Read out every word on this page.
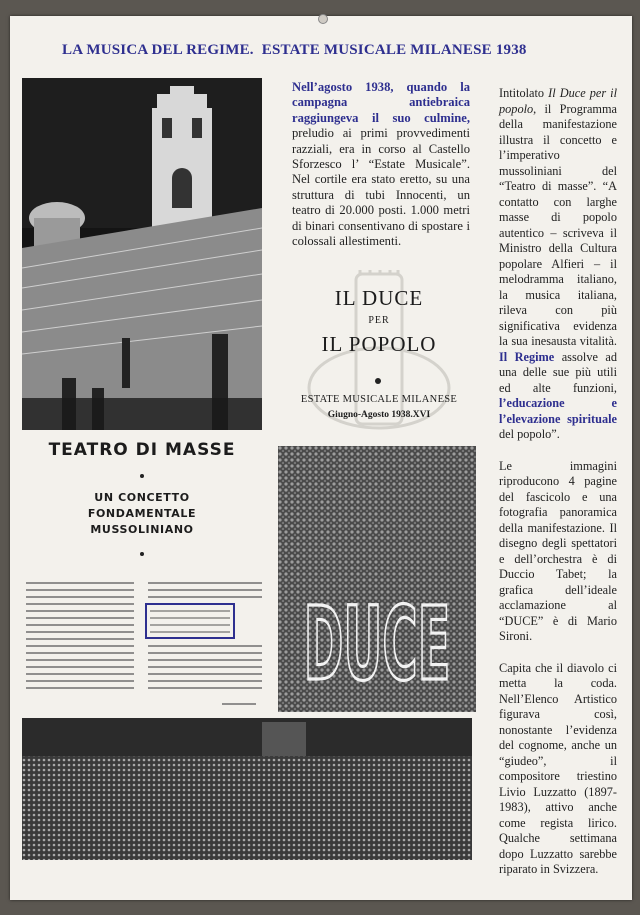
LA MUSICA DEL REGIME. ESTATE MUSICALE MILANESE 1938
Nell’agosto 1938, quando la campagna antiebraica raggiungeva il suo culmine, preludio ai primi provvedimenti razziali, era in corso al Castello Sforzesco l’ “Estate Musicale”. Nel cortile era stato eretto, su una struttura di tubi Innocenti, un teatro di 20.000 posti. 1.000 metri di binari consentivano di spostare i colossali allestimenti.
IL DUCE
PER
IL POPOLO
ESTATE MUSICALE MILANESE
Giugno-Agosto 1938.XVI
TEATRO DI MASSE
UN CONCETTO
FONDAMENTALE
MUSSOLINIANO
DUCE

Intitolato Il Duce per il popolo, il Programma della manifestazione illustra il concetto e l’imperativo mussoliniani del “Teatro di masse”. “A contatto con larghe masse di popolo autentico – scriveva il Ministro della Cultura popolare Alfieri – il melodramma italiano, la musica italiana, rileva con più significativa evidenza la sua inesausta vitalità. Il Regime assolve ad una delle sue più utili ed alte funzioni, l’educazione e l’elevazione spirituale del popolo”.

Le immagini riproducono 4 pagine del fascicolo e una fotografia panoramica della manifestazione. Il disegno degli spettatori e dell’orchestra è di Duccio Tabet; la grafica dell’ideale acclamazione al “DUCE” è di Mario Sironi.

Capita che il diavolo ci metta la coda. Nell’Elenco Artistico figurava così, nonostante l’evidenza del cognome, anche un “giudeo”, il compositore triestino Livio Luzzatto (1897-1983), attivo anche come regista lirico. Qualche settimana dopo Luzzatto sarebbe riparato in Svizzera.
